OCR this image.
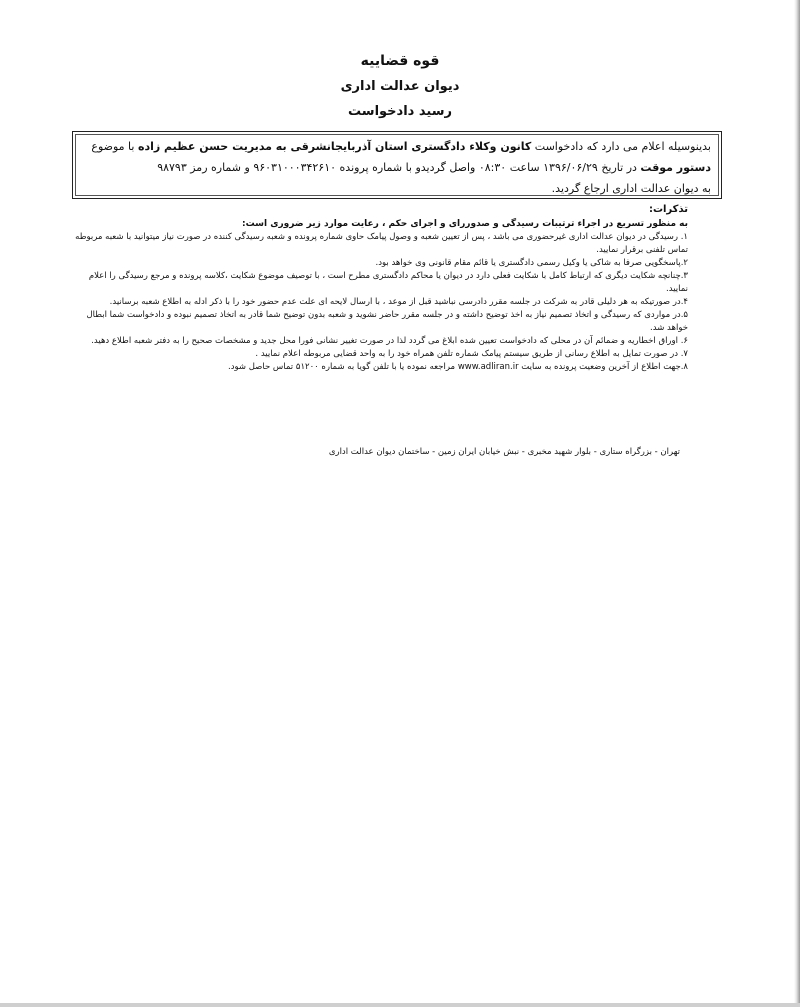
قوه قضاییه
دیوان عدالت اداری
رسید دادخواست

بدینوسیله اعلام می دارد که دادخواست کانون وکلاء دادگستری استان آذربایجانشرقی به مدیریت حسن عظیم زاده با موضوع

دستور موقت در تاریخ ۱۳۹۶/۰۶/۲۹ ساعت ۰۸:۳۰ واصل گردیدو با شماره پرونده ۹۶۰۳۱۰۰۰۳۴۲۶۱۰ و شماره رمز ۹۸۷۹۳

به دیوان عدالت اداری ارجاع گردید.

تذکرات:

به منظور تسریع در اجراء ترتیبات رسیدگی و صدوررای و اجرای حکم ، رعایت موارد زیر ضروری است:

۱. رسیدگی در دیوان عدالت اداری غیرحضوری می باشد ، پس از تعیین شعبه و وصول پیامک حاوی شماره پرونده و شعبه رسیدگی کننده در صورت نیاز میتوانید با شعبه مربوطه تماس تلفنی برقرار نمایید.

۲.پاسخگویی صرفا به شاکی یا وکیل رسمی دادگستری یا قائم مقام قانونی وی خواهد بود.

۳.چنانچه شکایت دیگری که ارتباط کامل با شکایت فعلی دارد در دیوان یا محاکم دادگستری مطرح است ، با توصیف موضوع شکایت ،کلاسه پرونده و مرجع رسیدگی را اعلام نمایید.

۴.در صورتیکه به هر دلیلی قادر به شرکت در جلسه مقرر دادرسی نباشید قبل از موعد ، با ارسال لایحه ای علت عدم حضور خود را با ذکر ادله به اطلاع شعبه برسانید.

۵.در مواردی که رسیدگی و اتخاذ تصمیم نیاز به اخذ توضیح داشته و در جلسه مقرر حاضر نشوید و شعبه بدون توضیح شما قادر به اتخاذ تصمیم نبوده و دادخواست شما ابطال خواهد شد.

۶. اوراق اخطاریه و ضمائم آن در محلی که دادخواست تعیین شده ابلاغ می گردد لذا در صورت تغییر نشانی فورا محل جدید و مشخصات صحیح را به دفتر شعبه اطلاع دهید.

۷. در صورت تمایل به اطلاع رسانی از طریق سیستم پیامک شماره تلفن همراه خود را به واحد قضایی مربوطه اعلام نمایید .

۸.جهت اطلاع از آخرین وضعیت پرونده به سایت www.adliran.ir مراجعه نموده یا با تلفن گویا به شماره ۵۱۲۰۰ تماس حاصل شود.

تهران - بزرگراه ستاری - بلوار شهید مخبری - نبش خیابان ایران زمین - ساختمان دیوان عدالت اداری
